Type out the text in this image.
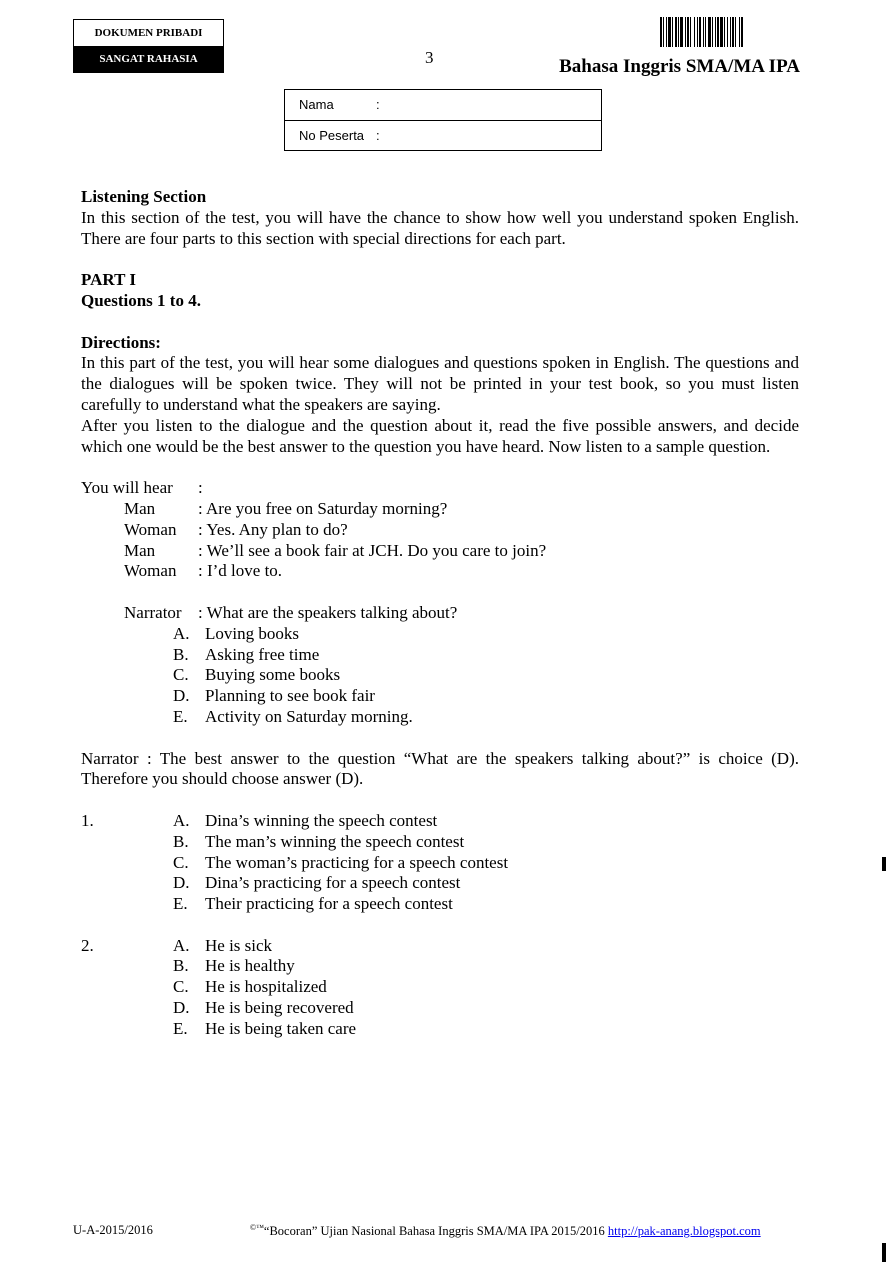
DOKUMEN PRIBADI
SANGAT RAHASIA	3	Bahasa Inggris SMA/MA IPA
Nama	:
No Peserta :

Listening Section

In this section of the test, you will have the chance to show how well you understand spoken English. There are four parts to this section with special directions for each part.

PART I

Questions 1 to 4.

Directions:

In this part of the test, you will hear some dialogues and questions spoken in English. The questions and the dialogues will be spoken twice. They will not be printed in your test book, so you must listen carefully to understand what the speakers are saying.

After you listen to the dialogue and the question about it, read the five possible answers, and decide which one would be the best answer to the question you have heard. Now listen to a sample question.

You will hear :
Man	: Are you free on Saturday morning?
Woman : Yes. Any plan to do?
Man	: We’ll see a book fair at JCH. Do you care to join?
Woman : I’d love to.
Narrator : What are the speakers talking about?
A. Loving books
B. Asking free time
C. Buying some books
D. Planning to see book fair
E. Activity on Saturday morning.

Narrator : The best answer to the question “What are the speakers talking about?” is choice (D). Therefore you should choose answer (D).

1.	A. Dina’s winning the speech contest
B. The man’s winning the speech contest
C. The woman’s practicing for a speech contest
D. Dina’s practicing for a speech contest
E. Their practicing for a speech contest
2.	A. He is sick
B. He is healthy
C. He is hospitalized
D. He is being recovered
E. He is being taken care
U-A-2015/2016	©™“Bocoran” Ujian Nasional Bahasa Inggris SMA/MA IPA 2015/2016 http://pak-anang.blogspot.com
